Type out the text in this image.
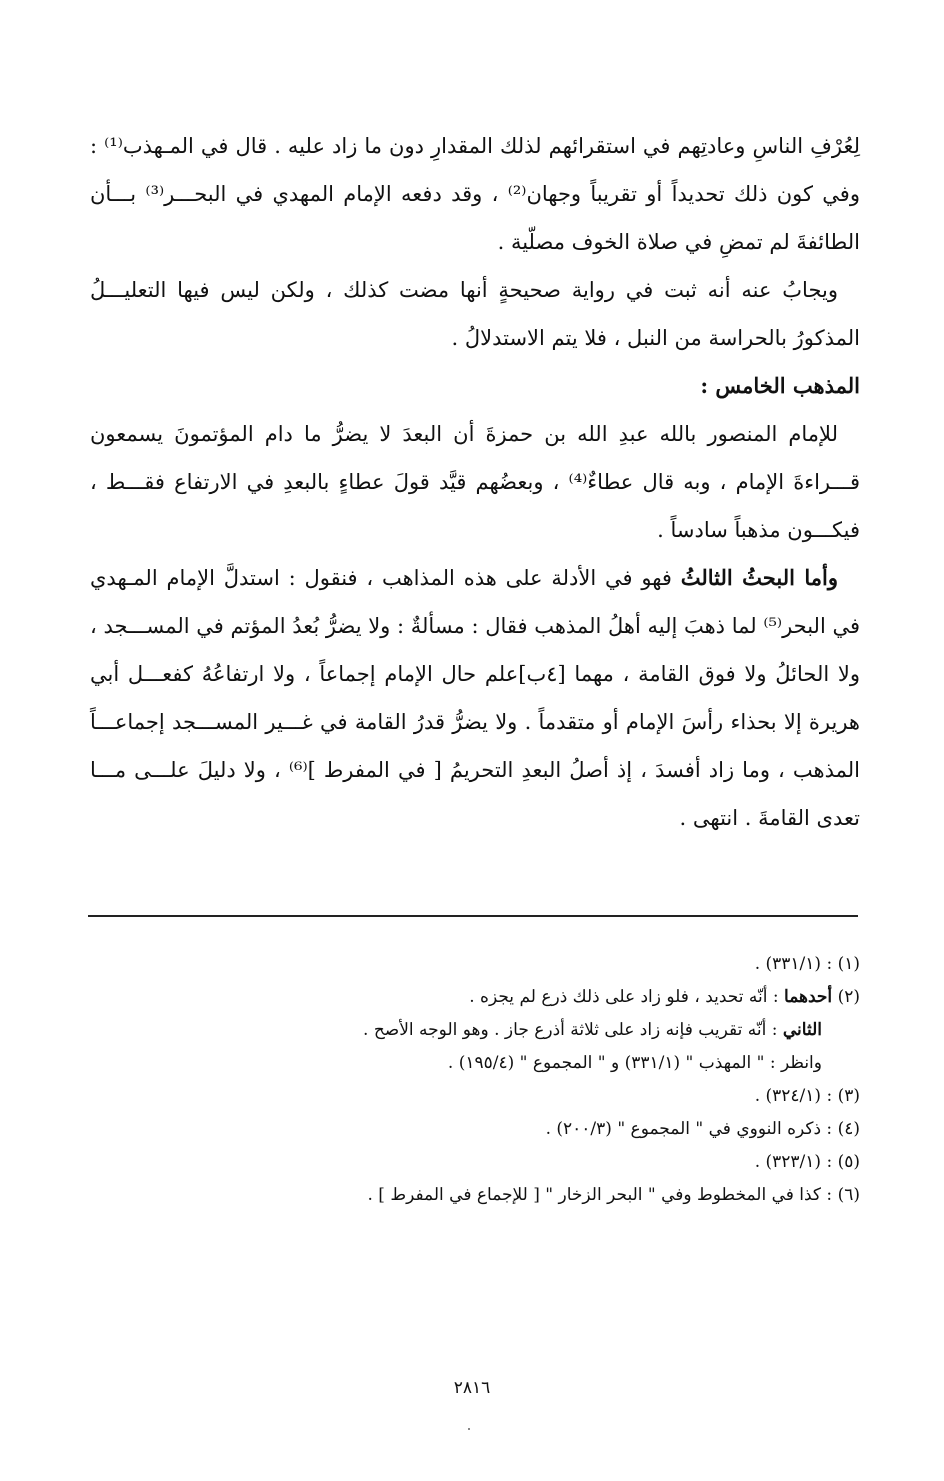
لِعُرْفِ الناسِ وعادتِهم في استقرائهم لذلك المقدارِ دون ما زاد عليه . قال في المـهذب⁽¹⁾ : وفي كون ذلك تحديداً أو تقريباً وجهان⁽²⁾ ، وقد دفعه الإمام المهدي في البحـــر⁽³⁾ بـــأن الطائفةَ لم تمضِ في صلاة الخوف مصلّية .

ويجابُ عنه أنه ثبت في رواية صحيحةٍ أنها مضت كذلك ، ولكن ليس فيها التعليـــلُ المذكورُ بالحراسة من النبل ، فلا يتم الاستدلالُ .

المذهب الخامس :

للإمام المنصور بالله عبدِ الله بن حمزةَ أن البعدَ لا يضرُّ ما دام المؤتمونَ يسمعون قـــراءةَ الإمام ، وبه قال عطاءٌ⁽⁴⁾ ، وبعضُهم قيَّد قولَ عطاءٍ بالبعدِ في الارتفاع فقـــط ، فيكـــون مذهباً سادساً .

وأما البحثُ الثالثُ فهو في الأدلة على هذه المذاهب ، فنقول : استدلَّ الإمام المـهدي في البحر⁽⁵⁾ لما ذهبَ إليه أهلُ المذهب فقال : مسألةٌ : ولا يضرُّ بُعدُ المؤتم في المســـجد ، ولا الحائلُ ولا فوق القامة ، مهما [٤ب]علم حال الإمام إجماعاً ، ولا ارتفاعُهُ كفعـــل أبي هريرة إلا بحذاء رأسَ الإمام أو متقدماً . ولا يضرُّ قدرُ القامة في غـــير المســـجد إجماعـــاً المذهب ، وما زاد أفسدَ ، إذ أصلُ البعدِ التحريمُ [ في المفرط ]⁽⁶⁾ ، ولا دليلَ علـــى مـــا تعدى القامةَ . انتهى .

(١) : (٣٣١/١) .

(٢) أحدهما : أنّه تحديد ، فلو زاد على ذلك ذرع لم يجزه .

الثاني : أنّه تقريب فإنه زاد على ثلاثة أذرع جاز . وهو الوجه الأصح .

وانظر : " المهذب " (٣٣١/١) و " المجموع " (١٩٥/٤) .

(٣) : (٣٢٤/١) .

(٤) : ذكره النووي في " المجموع " (٢٠٠/٣) .

(٥) : (٣٢٣/١) .

(٦) : كذا في المخطوط وفي " البحر الزخار " [ للإجماع في المفرط ] .

٢٨١٦
